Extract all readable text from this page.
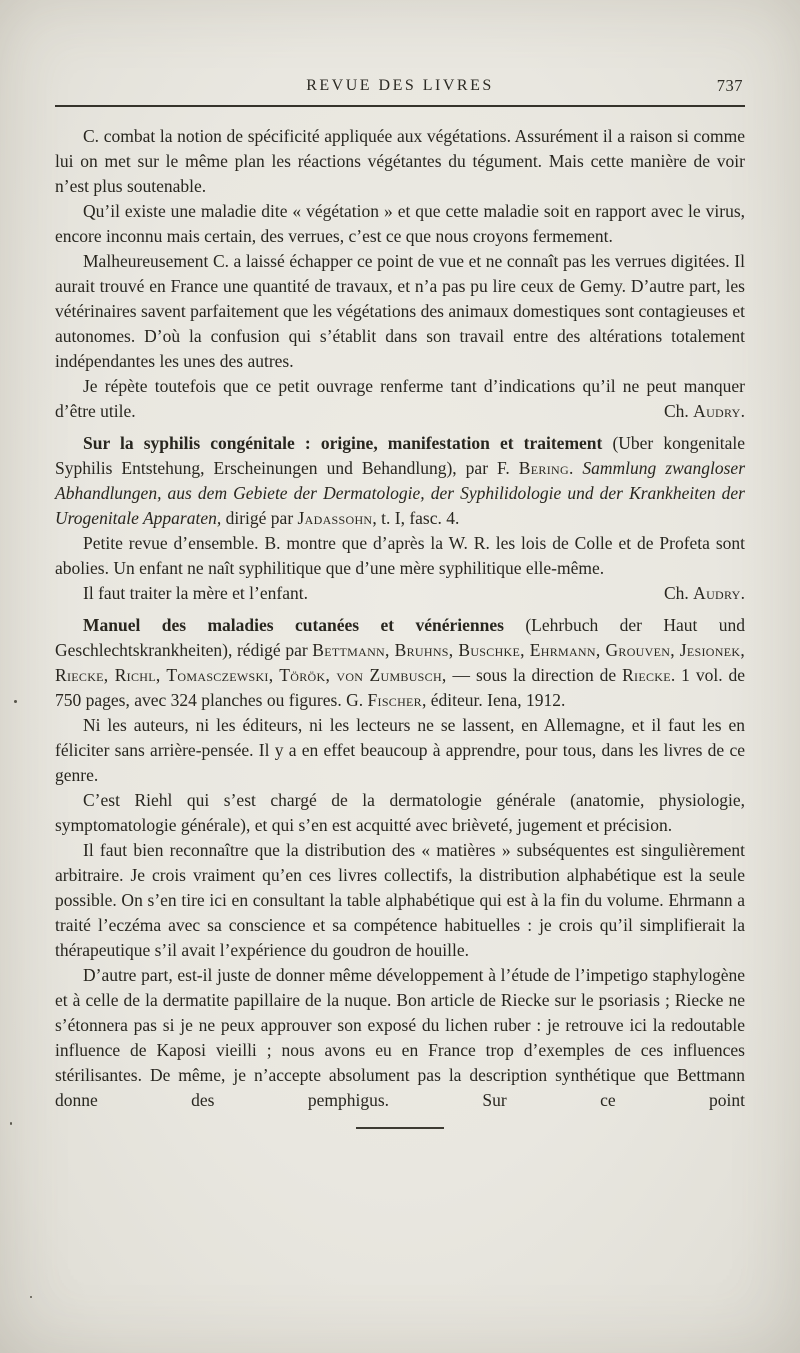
REVUE DES LIVRES	737

C. combat la notion de spécificité appliquée aux végétations. Assurément il a raison si comme lui on met sur le même plan les réactions végétantes du tégument. Mais cette manière de voir n’est plus soutenable.

Qu’il existe une maladie dite « végétation » et que cette maladie soit en rapport avec le virus, encore inconnu mais certain, des verrues, c’est ce que nous croyons fermement.

Malheureusement C. a laissé échapper ce point de vue et ne connaît pas les verrues digitées. Il aurait trouvé en France une quantité de travaux, et n’a pas pu lire ceux de Gemy. D’autre part, les vétérinaires savent parfaitement que les végétations des animaux domestiques sont contagieuses et autonomes. D’où la confusion qui s’établit dans son travail entre des altérations totalement indépendantes les unes des autres.

Je répète toutefois que ce petit ouvrage renferme tant d’indications qu’il ne peut manquer d’être utile.	Ch. Audry.

Sur la syphilis congénitale : origine, manifestation et traitement (Uber kongenitale Syphilis Entstehung, Erscheinungen und Behandlung), par F. Bering. Sammlung zwangloser Abhandlungen, aus dem Gebiete der Dermatologie, der Syphilidologie und der Krankheiten der Urogenitale Apparaten, dirigé par Jadassohn, t. I, fasc. 4.

Petite revue d’ensemble. B. montre que d’après la W. R. les lois de Colle et de Profeta sont abolies. Un enfant ne naît syphilitique que d’une mère syphilitique elle-même.

Il faut traiter la mère et l’enfant.	Ch. Audry.

Manuel des maladies cutanées et vénériennes (Lehrbuch der Haut und Geschlechtskrankheiten), rédigé par Bettmann, Bruhns, Buschke, Ehrmann, Grouven, Jesionek, Riecke, Richl, Tomasczewski, Török, von Zumbusch, — sous la direction de Riecke. 1 vol. de 750 pages, avec 324 planches ou figures. G. Fischer, éditeur. Iena, 1912.

Ni les auteurs, ni les éditeurs, ni les lecteurs ne se lassent, en Allemagne, et il faut les en féliciter sans arrière-pensée. Il y a en effet beaucoup à apprendre, pour tous, dans les livres de ce genre.

C’est Riehl qui s’est chargé de la dermatologie générale (anatomie, physiologie, symptomatologie générale), et qui s’en est acquitté avec brièveté, jugement et précision.

Il faut bien reconnaître que la distribution des « matières » subséquentes est singulièrement arbitraire. Je crois vraiment qu’en ces livres collectifs, la distribution alphabétique est la seule possible. On s’en tire ici en consultant la table alphabétique qui est à la fin du volume. Ehrmann a traité l’eczéma avec sa conscience et sa compétence habituelles : je crois qu’il simplifierait la thérapeutique s’il avait l’expérience du goudron de houille.

D’autre part, est-il juste de donner même développement à l’étude de l’impetigo staphylogène et à celle de la dermatite papillaire de la nuque. Bon article de Riecke sur le psoriasis ; Riecke ne s’étonnera pas si je ne peux approuver son exposé du lichen ruber : je retrouve ici la redoutable influence de Kaposi vieilli ; nous avons eu en France trop d’exemples de ces influences stérilisantes. De même, je n’accepte absolument pas la description synthétique que Bettmann donne des pemphigus. Sur ce point
